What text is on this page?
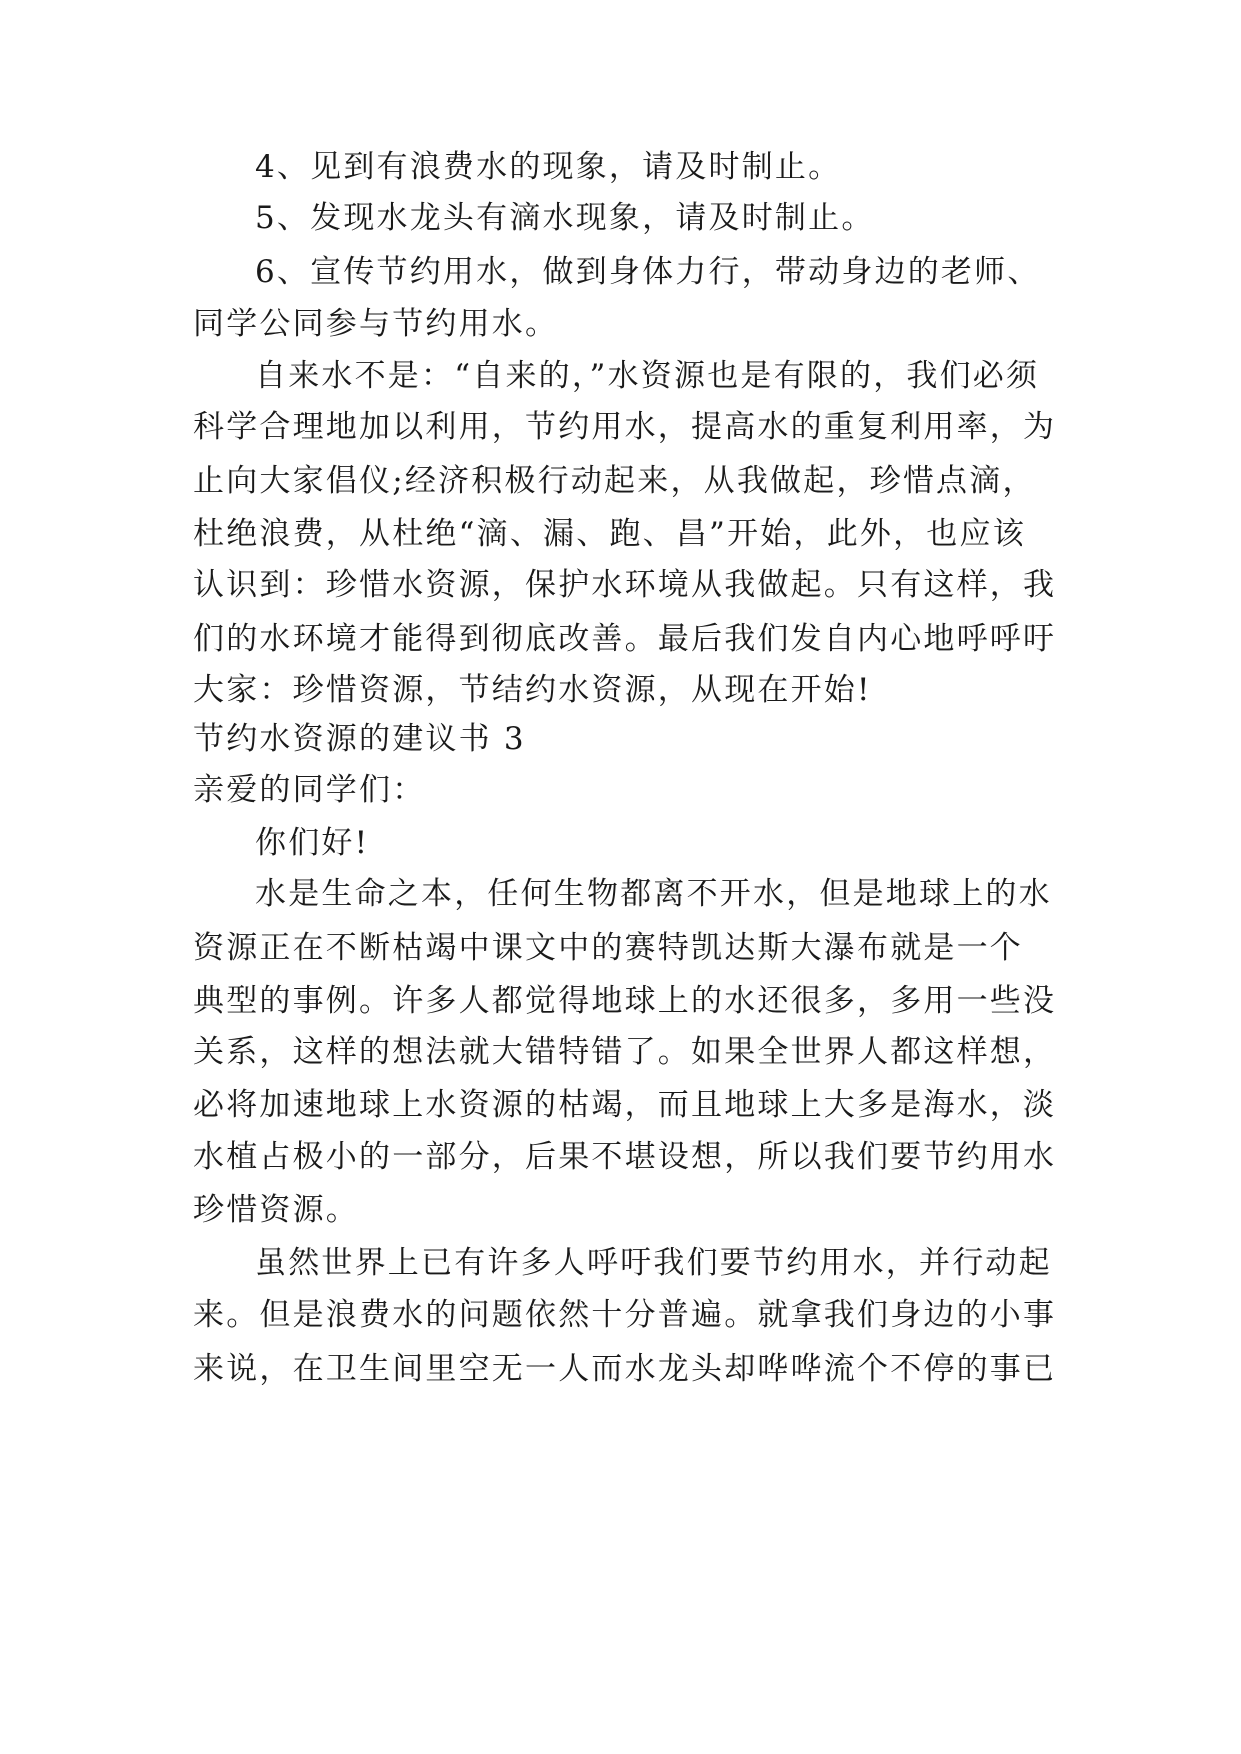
4、见到有浪费水的现象，请及时制止。
5、发现水龙头有滴水现象，请及时制止。
6、宣传节约用水，做到身体力行，带动身边的老师、
同学公同参与节约用水。
自来水不是：“自来的，”水资源也是有限的，我们必须
科学合理地加以利用，节约用水，提高水的重复利用率，为
止向大家倡仪;经济积极行动起来，从我做起，珍惜点滴，
杜绝浪费，从杜绝“滴、漏、跑、昌”开始，此外，也应该
认识到：珍惜水资源，保护水环境从我做起。只有这样，我
们的水环境才能得到彻底改善。最后我们发自内心地呼呼吁
大家：珍惜资源，节结约水资源，从现在开始!
节约水资源的建议书 3
亲爱的同学们：
你们好!
水是生命之本，任何生物都离不开水，但是地球上的水
资源正在不断枯竭中课文中的赛特凯达斯大瀑布就是一个
典型的事例。许多人都觉得地球上的水还很多，多用一些没
关系，这样的想法就大错特错了。如果全世界人都这样想，
必将加速地球上水资源的枯竭，而且地球上大多是海水，淡
水植占极小的一部分，后果不堪设想，所以我们要节约用水
珍惜资源。
虽然世界上已有许多人呼吁我们要节约用水，并行动起
来。但是浪费水的问题依然十分普遍。就拿我们身边的小事
来说，在卫生间里空无一人而水龙头却哗哗流个不停的事已
